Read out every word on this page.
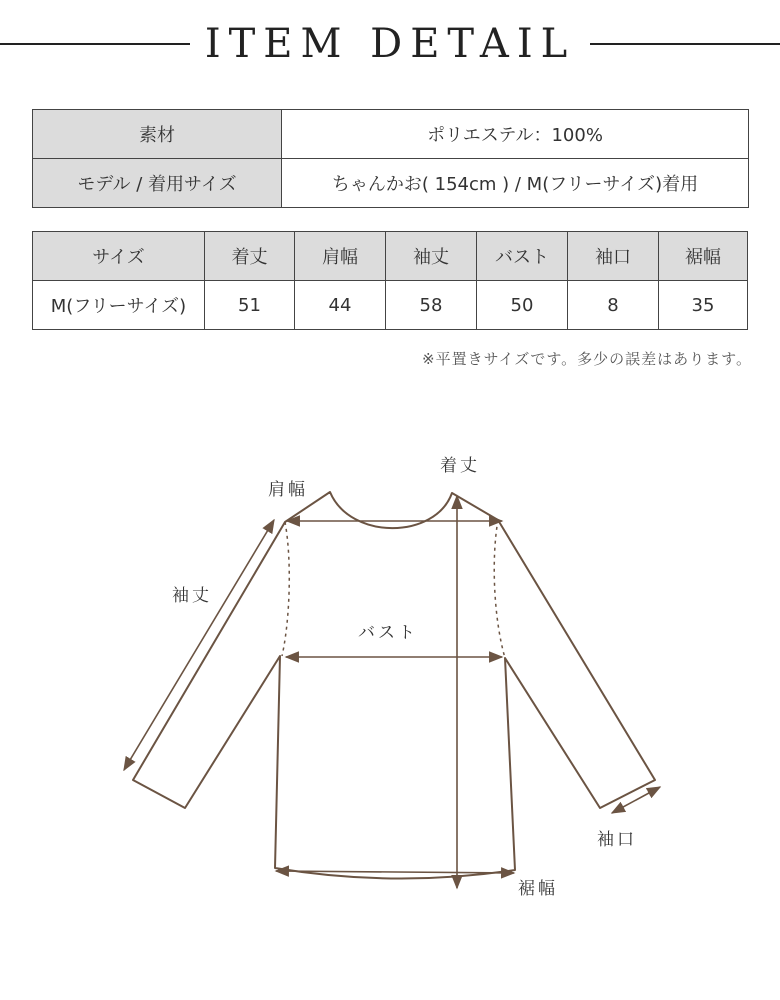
ITEM DETAIL
素材	ポリエステル：100%
モデル / 着用サイズ	ちゃんかお( 154cm ) / M(フリーサイズ)着用
サイズ	着丈	肩幅	袖丈	バスト	袖口	裾幅
M(フリーサイズ)	51	44	58	50	8	35
※平置きサイズです。多少の誤差はあります。
着丈
肩幅
袖丈
バスト
袖口
裾幅
